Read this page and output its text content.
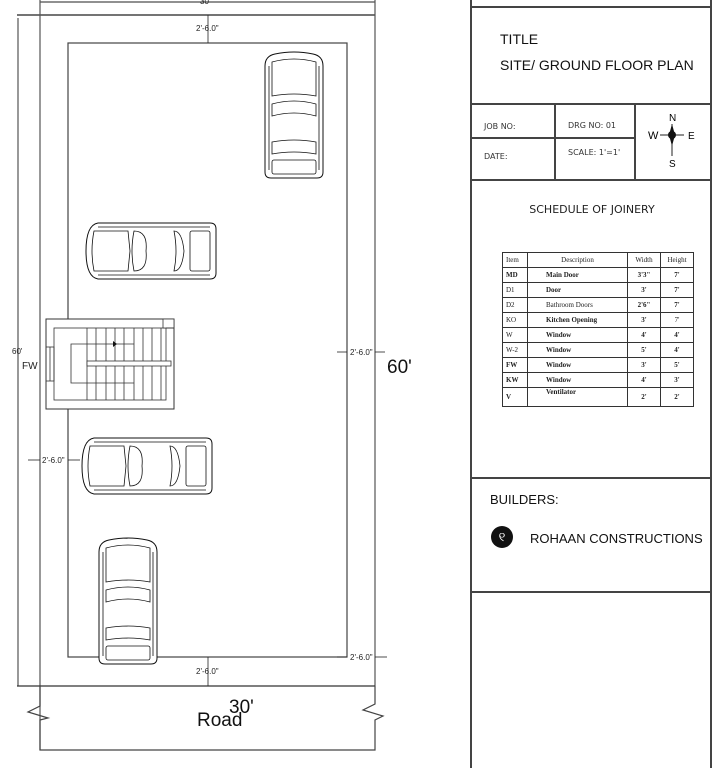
30'
60'
2'-6.0"
FW
2'-6.0"
60'
2'-6.0"
2'-6.0"
2'-6.0"
30'
Road
TITLE
SITE/ GROUND FLOOR PLAN
JOB NO:	DRG NO: 01
DATE:	SCALE: 1'=1'
N
S
W	E
SCHEDULE OF JOINERY
Item	Description	Width	Height
MD	Main Door	3'3"	7'
D1	Door	3'	7'
D2	Bathroom Doors	2'6"	7'
KO	Kitchen Opening	3'	7'
W	Window	4'	4'
W-2	Window	5'	4'
FW	Window	3'	5'
KW	Window	4'	3'
V	Ventilator	2'	2'
BUILDERS:
୧	ROHAAN CONSTRUCTIONS
